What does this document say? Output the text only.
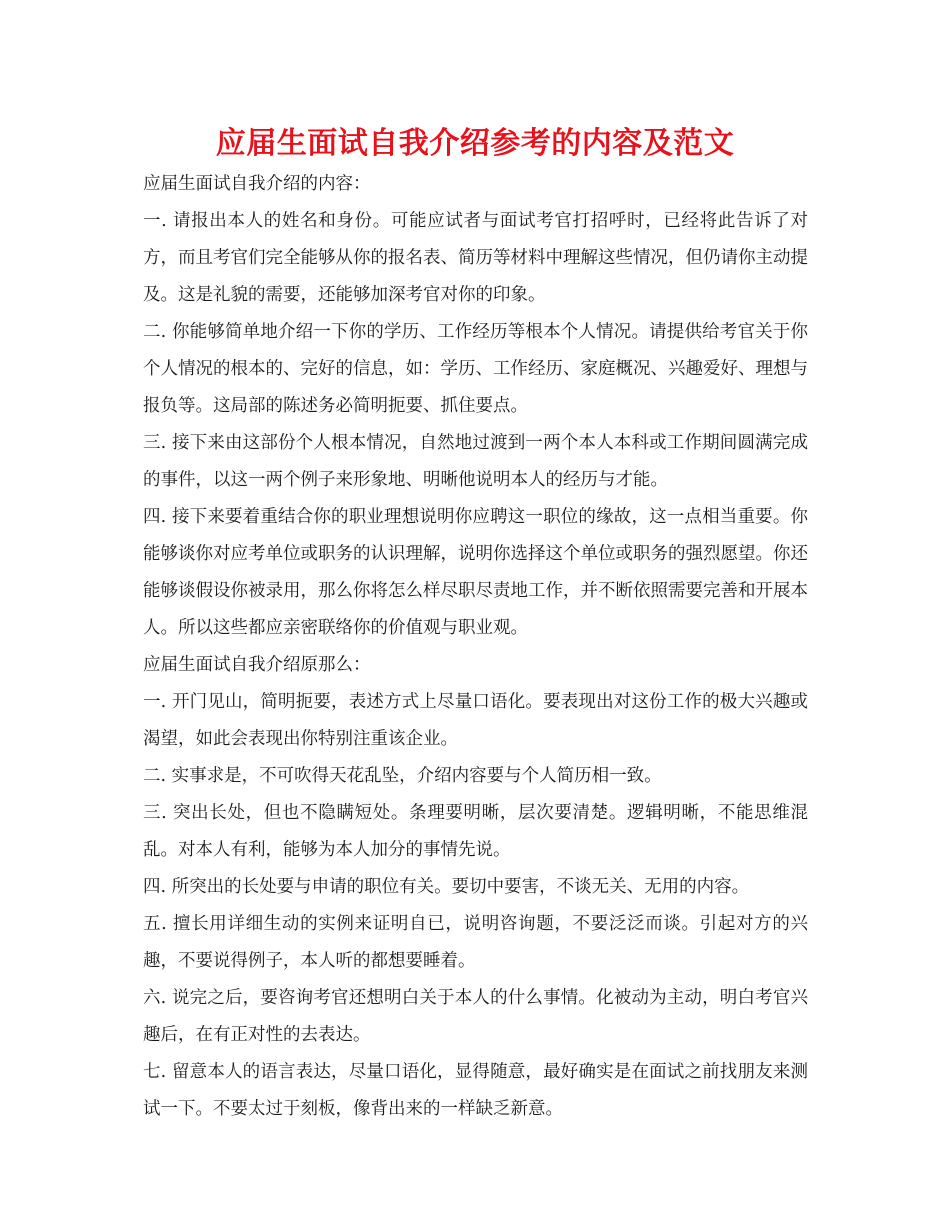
应届生面试自我介绍参考的内容及范文

应届生面试自我介绍的内容：

一. 请报出本人的姓名和身份。可能应试者与面试考官打招呼时，已经将此告诉了对方，而且考官们完全能够从你的报名表、简历等材料中理解这些情况，但仍请你主动提及。这是礼貌的需要，还能够加深考官对你的印象。

二. 你能够简单地介绍一下你的学历、工作经历等根本个人情况。请提供给考官关于你个人情况的根本的、完好的信息，如：学历、工作经历、家庭概况、兴趣爱好、理想与报负等。这局部的陈述务必简明扼要、抓住要点。

三. 接下来由这部份个人根本情况，自然地过渡到一两个本人本科或工作期间圆满完成的事件，以这一两个例子来形象地、明晰他说明本人的经历与才能。

四. 接下来要着重结合你的职业理想说明你应聘这一职位的缘故，这一点相当重要。你能够谈你对应考单位或职务的认识理解，说明你选择这个单位或职务的强烈愿望。你还能够谈假设你被录用，那么你将怎么样尽职尽责地工作，并不断依照需要完善和开展本人。所以这些都应亲密联络你的价值观与职业观。

应届生面试自我介绍原那么：

一. 开门见山，简明扼要，表述方式上尽量口语化。要表现出对这份工作的极大兴趣或渴望，如此会表现出你特别注重该企业。

二. 实事求是，不可吹得天花乱坠，介绍内容要与个人简历相一致。

三. 突出长处，但也不隐瞒短处。条理要明晰，层次要清楚。逻辑明晰，不能思维混乱。对本人有利，能够为本人加分的事情先说。

四. 所突出的长处要与申请的职位有关。要切中要害，不谈无关、无用的内容。

五. 擅长用详细生动的实例来证明自已，说明咨询题，不要泛泛而谈。引起对方的兴趣，不要说得例子，本人听的都想要睡着。

六. 说完之后，要咨询考官还想明白关于本人的什么事情。化被动为主动，明白考官兴趣后，在有正对性的去表达。

七. 留意本人的语言表达，尽量口语化，显得随意，最好确实是在面试之前找朋友来测试一下。不要太过于刻板，像背出来的一样缺乏新意。
